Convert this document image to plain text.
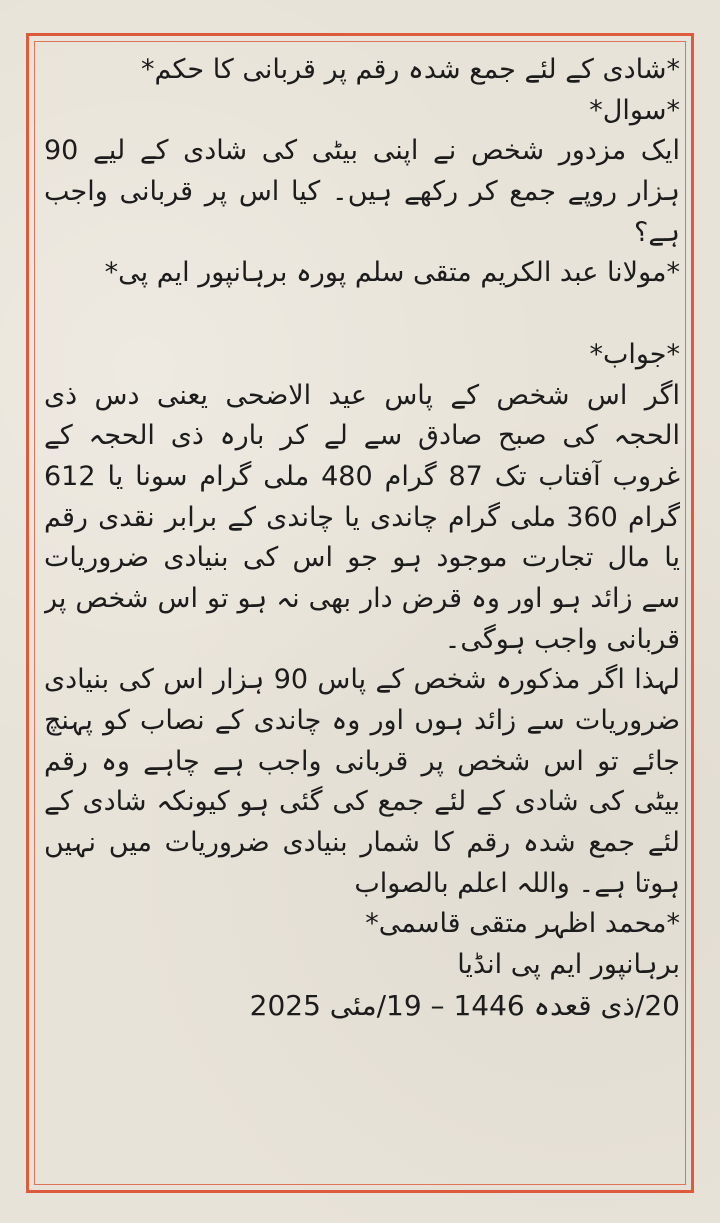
*شادی کے لئے جمع شدہ رقم پر قربانی کا حکم*
*سوال*
ایک مزدور شخص نے اپنی بیٹی کی شادی کے لیے 90
ہزار روپے جمع کر رکھے ہیں۔ کیا اس پر قربانی واجب
ہے؟
*مولانا عبد الکریم متقی سلم پورہ برہانپور ایم پی*
*جواب*
اگر اس شخص کے پاس عید الاضحی یعنی دس ذی
الحجہ کی صبح صادق سے لے کر بارہ ذی الحجہ کے
غروب آفتاب تک 87 گرام 480 ملی گرام سونا یا 612
گرام 360 ملی گرام چاندی یا چاندی کے برابر نقدی رقم
یا مال تجارت موجود ہو جو اس کی بنیادی ضروریات
سے زائد ہو اور وہ قرض دار بھی نہ ہو تو اس شخص پر
قربانی واجب ہوگی۔
لہذا اگر مذکورہ شخص کے پاس 90 ہزار اس کی بنیادی
ضروریات سے زائد ہوں اور وہ چاندی کے نصاب کو پہنچ
جائے تو اس شخص پر قربانی واجب ہے چاہے وہ رقم
بیٹی کی شادی کے لئے جمع کی گئی ہو کیونکہ شادی کے
لئے جمع شدہ رقم کا شمار بنیادی ضروریات میں نہیں
ہوتا ہے۔ واللہ اعلم بالصواب
*محمد اظہر متقی قاسمی*
برہانپور ایم پی انڈیا
20/ذی قعدہ 1446 – 19/مئی 2025
